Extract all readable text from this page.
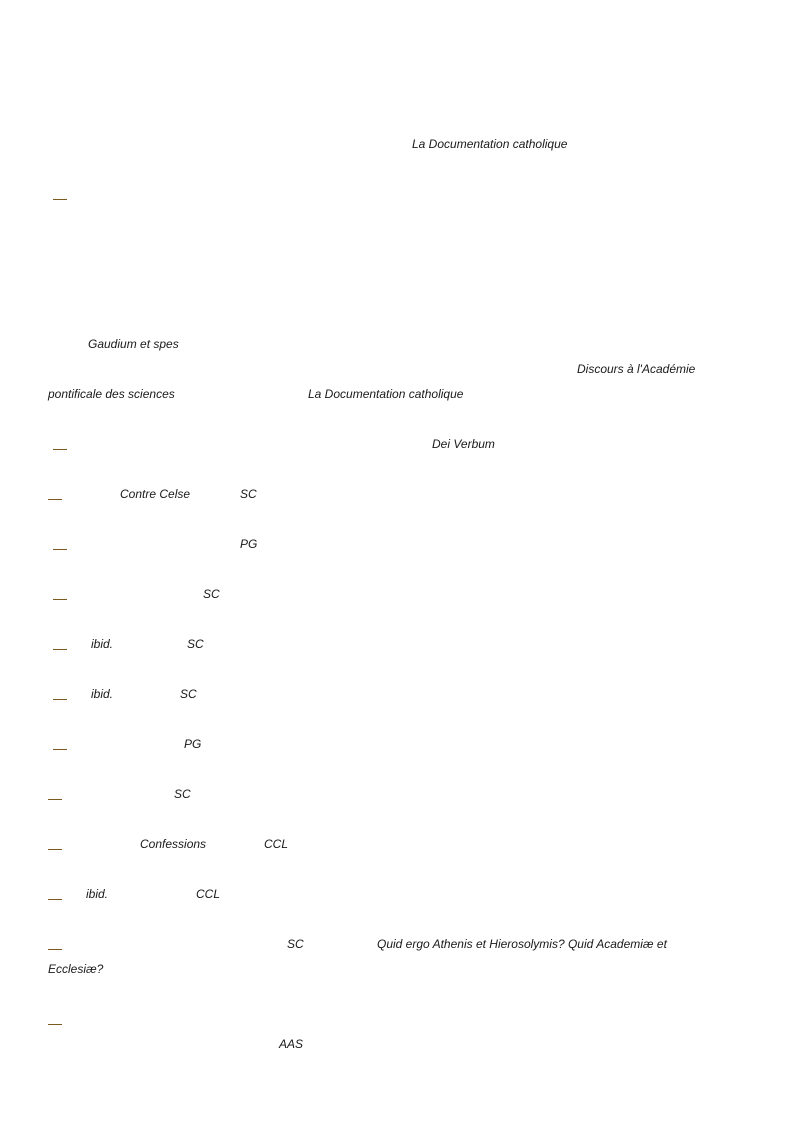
La Documentation catholique
Gaudium et spes
Discours à l'Académie
pontificale des sciences	La Documentation catholique
Dei Verbum
Contre Celse	SC
PG
SC
ibid.	SC
ibid.	SC
PG
SC
Confessions	CCL
ibid.	CCL
SC	Quid ergo Athenis et Hierosolymis? Quid Academiæ et
Ecclesiæ?
AAS
